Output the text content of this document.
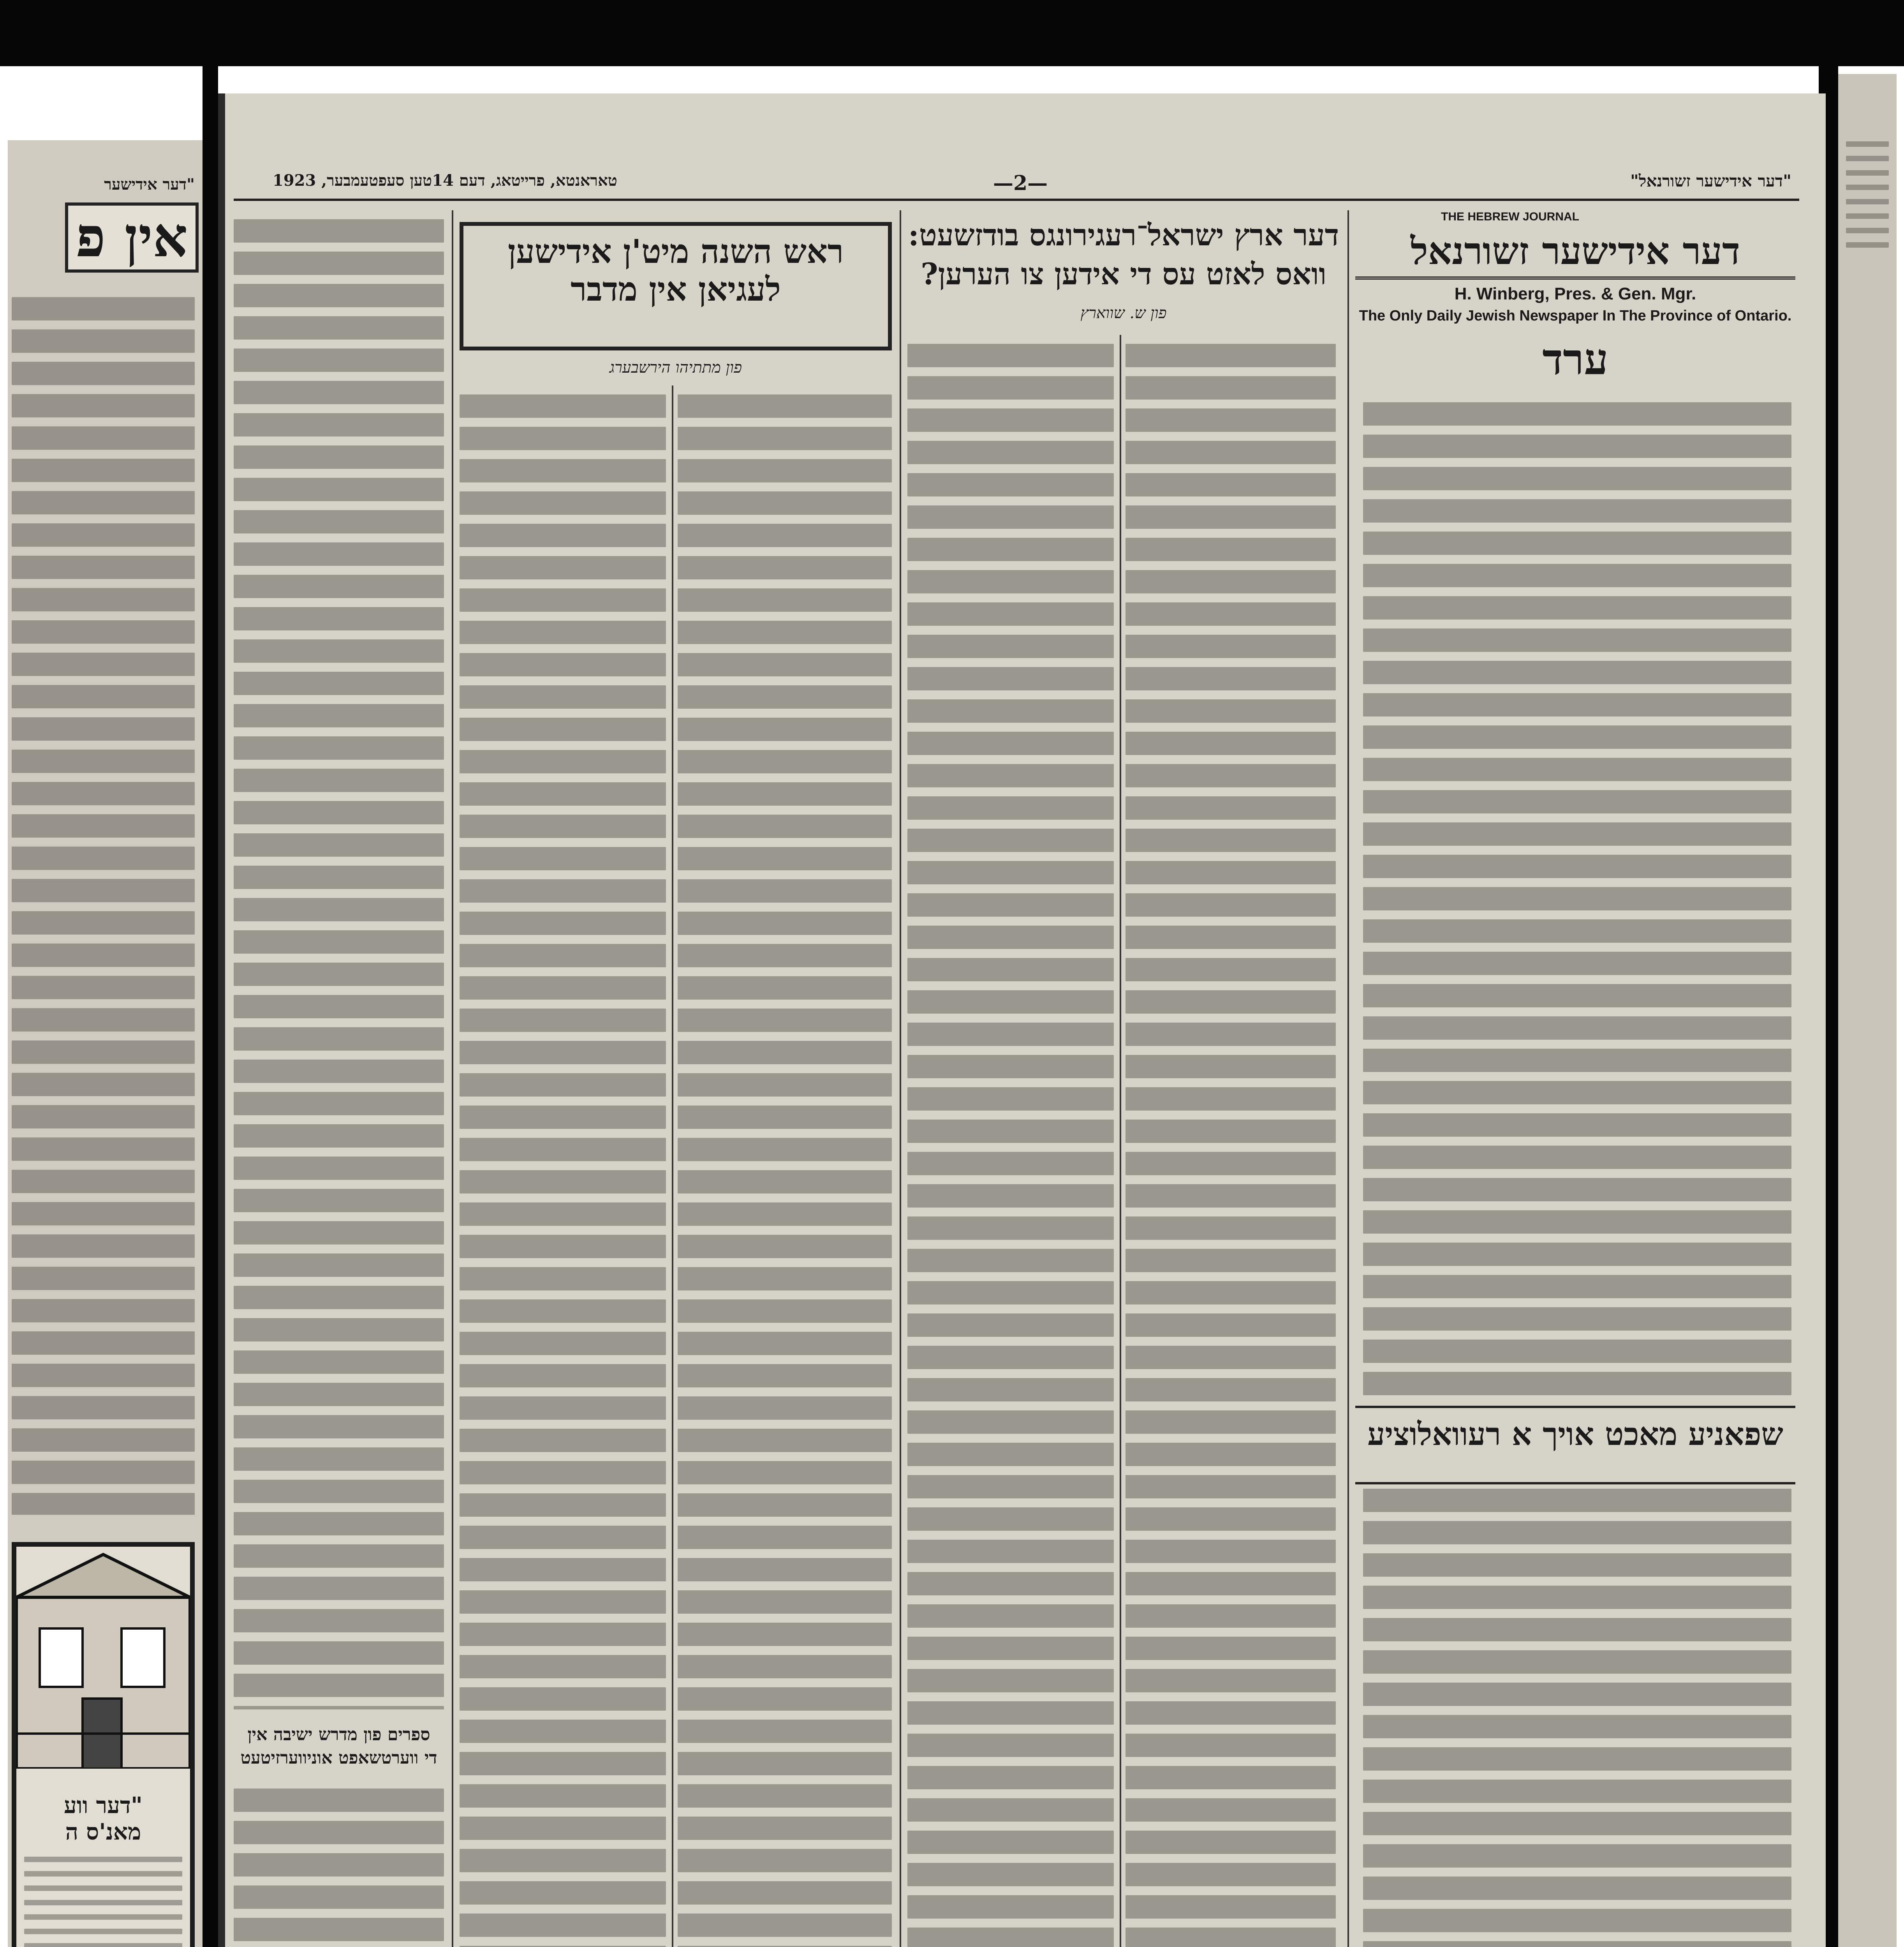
"דער אידישער
אין פ
"דער ווע
מאנ'ס ה
"דער אידישער זשורנאל"
—2—
טאראנטא, פרייטאג, דעם 14טען סעפטעמבער, 1923
THE HEBREW JOURNAL
דער אידישער זשורנאל
H. Winberg, Pres. & Gen. Mgr.
The Only Daily Jewish Newspaper In The Province of Ontario.
ערד
שפאניע מאכט אויך א רעוואלוציע
דער ארץ ישראל־רעגירונגס בודזשעט:
וואס לאזט עס די אידען צו הערען?
פון ש. שווארץ
ראש השנה מיט'ן אידישען
לעגיאן אין מדבר
פון מתתיהו הירשבערג
ספרים פון מדרש ישיבה אין
די ווערטשאפט אוניווערזיטעט
